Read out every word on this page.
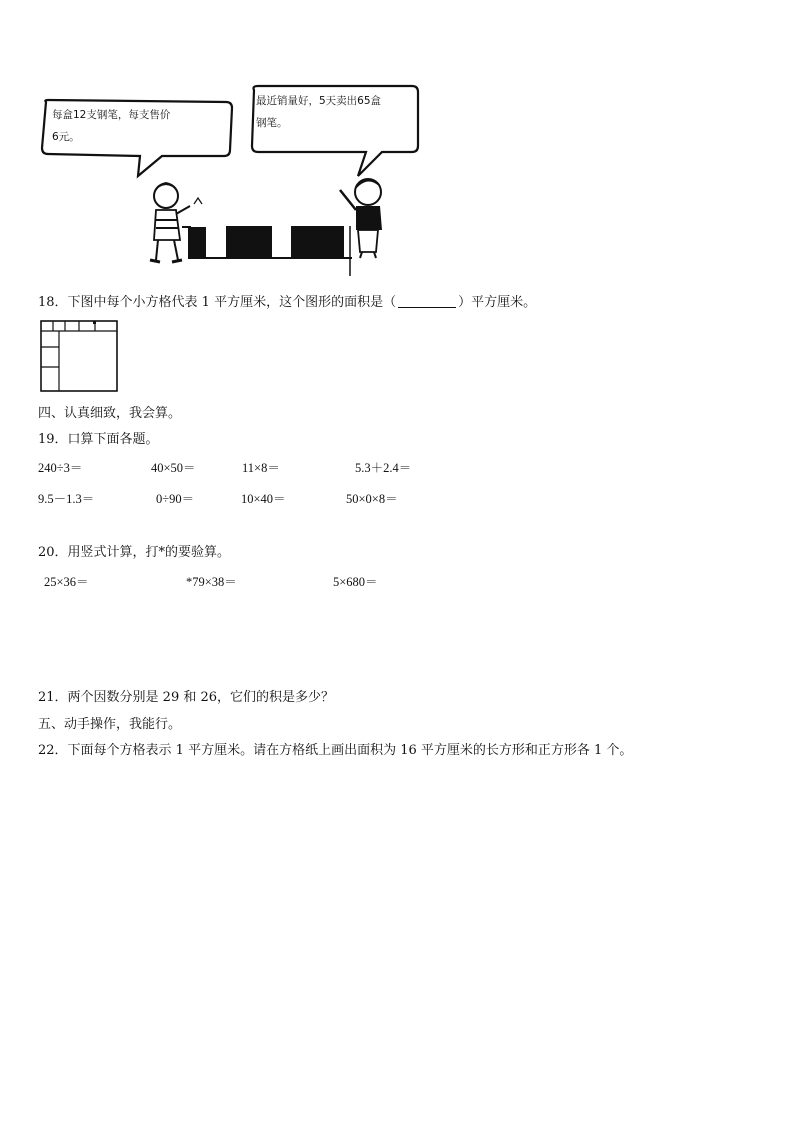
每盒12支钢笔，每支售价
6元。
最近销量好，5天卖出65盒
钢笔。
18．下图中每个小方格代表 1 平方厘米，这个图形的面积是（	）平方厘米。
四、认真细致，我会算。
19．口算下面各题。
240÷3＝	40×50＝	11×8＝	5.3＋2.4＝
9.5－1.3＝	0÷90＝	10×40＝	50×0×8＝
20．用竖式计算，打*的要验算。
25×36＝	*79×38＝	5×680＝
21．两个因数分别是 29 和 26，它们的积是多少？
五、动手操作，我能行。
22．下面每个方格表示 1 平方厘米。请在方格纸上画出面积为 16 平方厘米的长方形和正方形各 1 个。
